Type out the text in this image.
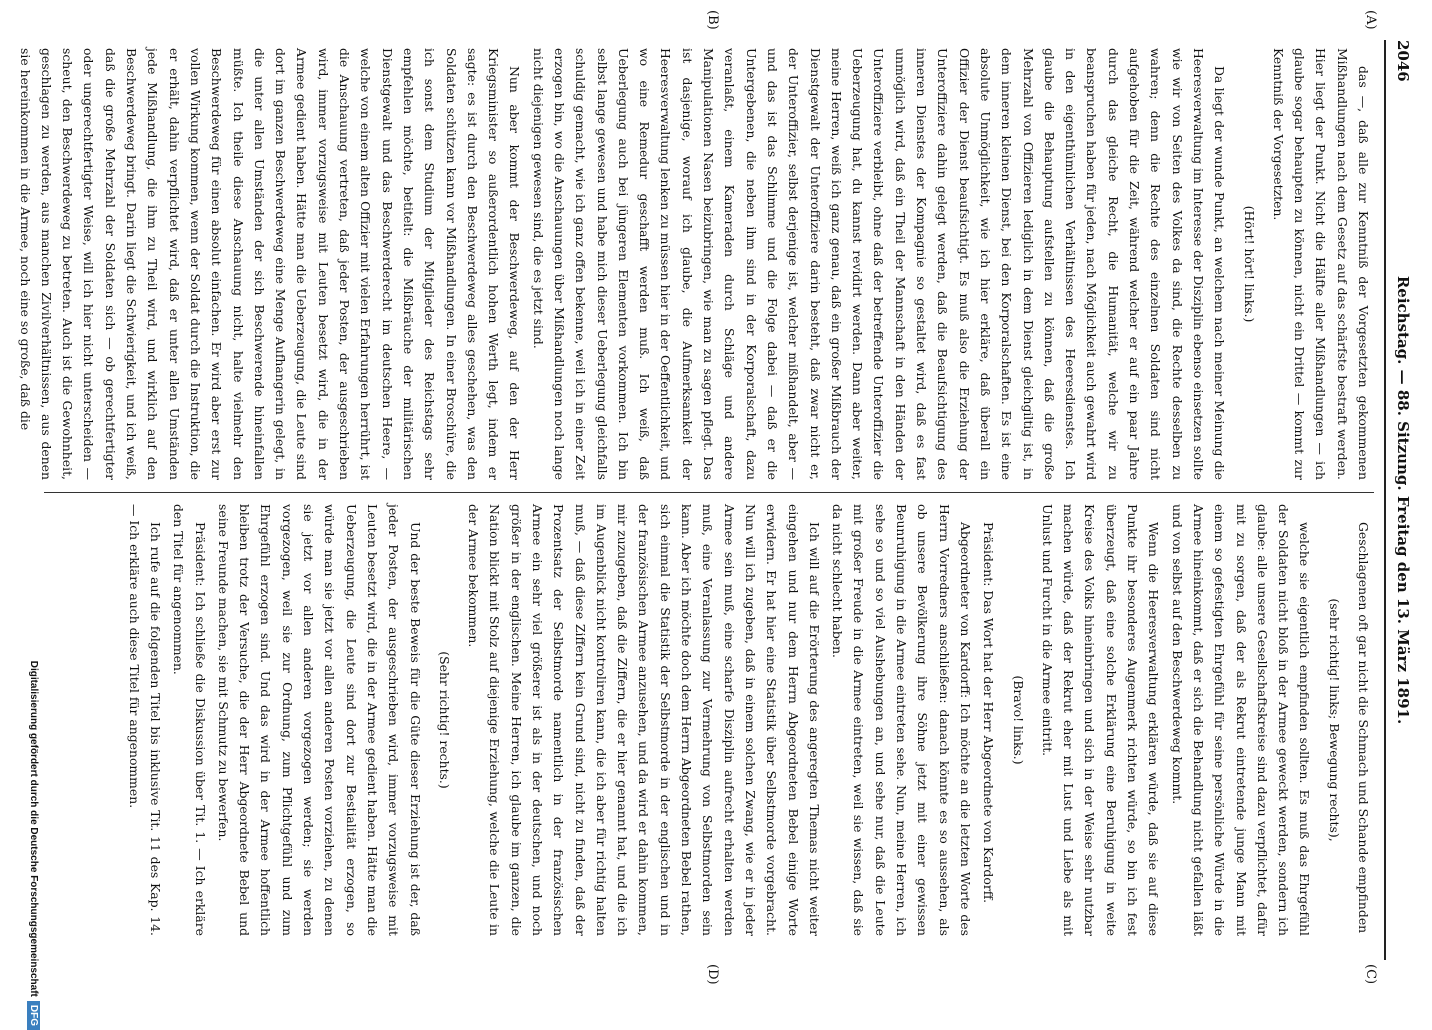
2046
Reichstag. — 88. Sitzung. Freitag den 13. März 1891.
(A)
(B)
(C)
(D)

das —, daß alle zur Kenntniß der Vorgesetzten gekommenen Mißhandlungen nach dem Gesetz auf das schärfste bestraft werden. Hier liegt der Punkt. Nicht die Hälfte aller Mißhandlungen — ich glaube sogar behaupten zu können, nicht ein Drittel — kommt zur Kenntniß der Vorgesetzten.

(Hört! hört! links.)

Da liegt der wunde Punkt, an welchem nach meiner Meinung die Heeresverwaltung im Interesse der Disziplin ebenso einsetzen sollte wie wir von Seiten des Volkes da sind, die Rechte desselben zu wahren; denn die Rechte des einzelnen Soldaten sind nicht aufgehoben für die Zeit, während welcher er auf ein paar Jahre durch das gleiche Recht, die Humanität, welche wir zu beanspruchen haben für jeden, nach Möglichkeit auch gewahrt wird in den eigenthümlichen Verhältnissen des Heeresdienstes. Ich glaube die Behauptung aufstellen zu können, daß die große Mehrzahl von Offizieren lediglich in dem Dienst gleichgiltig ist, in dem inneren kleinen Dienst, bei den Korporalschaften. Es ist eine absolute Unmöglichkeit, wie ich hier erkläre, daß überall ein Offizier der Dienst beaufsichtigt. Es muß also die Erziehung der Unteroffiziere dahin gelegt werden, daß die Beaufsichtigung des inneren Dienstes der Kompagnie so gestaltet wird, daß es fast unmöglich wird, daß ein Theil der Mannschaft in den Händen der Unteroffiziere verbleibt, ohne daß der betreffende Unteroffizier die Ueberzeugung hat, du kannst revidirt werden. Dann aber weiter, meine Herren, weiß ich ganz genau, daß ein großer Mißbrauch der Dienstgewalt der Unteroffiziere darin besteht, daß zwar nicht er, der Unteroffizier, selbst derjenige ist, welcher mißhandelt, aber — und das ist das Schlimme und die Folge dabei — daß er die Untergebenen, die neben ihm sind in der Korporalschaft, dazu veranlaßt, einem Kameraden durch Schläge und andere Manipulationen Nasen beizubringen, wie man zu sagen pflegt. Das ist dasjenige, worauf ich glaube, die Aufmerksamkeit der Heeresverwaltung lenken zu müssen hier in der Oeffentlichkeit, und wo eine Remedur geschafft werden muß. Ich weiß, daß Ueberlegung auch bei jüngeren Elementen vorkommen. Ich bin selbst lange gewesen und habe mich dieser Ueberlegung gleichfalls schuldig gemacht, wie ich ganz offen bekenne, weil ich in einer Zeit erzogen bin, wo die Anschauungen über Mißhandlungen noch lange nicht diejenigen gewesen sind, die es jetzt sind.

Nun aber kommt der Beschwerdeweg, auf den der Herr Kriegsminister so außerordentlich hohen Werth legt, indem er sagte: es ist durch den Beschwerdeweg alles geschehen, was den Soldaten schützen kann vor Mißhandlungen. In einer Broschüre, die ich sonst dem Studium der Mitglieder des Reichstags sehr empfehlen möchte, betitelt: die Mißbräuche der militärischen Dienstgewalt und das Beschwerderecht im deutschen Heere, — welche von einem alten Offizier mit vielen Erfahrungen herrührt, ist die Anschauung vertreten, daß jeder Posten, der ausgeschrieben wird, immer vorzugsweise mit Leuten besetzt wird, die in der Armee gedient haben. Hätte man die Ueberzeugung, die Leute sind dort im ganzen Beschwerdeweg eine Menge Aufhangerin gelegt, in die unter allen Umständen der sich Beschwerende hineinfallen müßte. Ich theile diese Anschauung nicht, halte vielmehr den Beschwerdeweg für einen absolut einfachen. Er wird aber erst zur vollen Wirkung kommen, wenn der Soldat durch die Instruktion, die er erhält, dahin verpflichtet wird, daß er unter allen Umständen jede Mißhandlung, die ihm zu Theil wird, und wirklich auf den Beschwerdeweg bringt. Darin liegt die Schwierigkeit, und ich weiß, daß die große Mehrzahl der Soldaten sich — ob gerechtfertigter oder ungerechtfertigter Weise, will ich hier nicht unterscheiden — scheut, den Beschwerdeweg zu betreten. Auch ist die Gewohnheit, geschlagen zu werden, aus manchen Zivilverhältnissen, aus denen sie hereinkommen in die Armee, noch eine so große, daß die

Geschlagenen oft gar nicht die Schmach und Schande empfinden

(sehr richtig! links; Bewegung rechts),

welche sie eigentlich empfinden sollten. Es muß das Ehrgefühl der Soldaten nicht bloß in der Armee geweckt werden, sondern ich glaube: alle unsere Gesellschaftskreise sind dazu verpflichtet, dafür mit zu sorgen, daß der als Rekrut eintretende junge Mann mit einem so gefestigten Ehrgefühl für seine persönliche Würde in die Armee hineinkommt, daß er sich die Behandlung nicht gefallen läßt und von selbst auf den Beschwerdeweg kommt.

Wenn die Heeresverwaltung erklären würde, daß sie auf diese Punkte ihr besonderes Augenmerk richten würde, so bin ich fest überzeugt, daß eine solche Erklärung eine Beruhigung in weite Kreise des Volks hineinbringen und sich in der Weise sehr nutzbar machen würde, daß der Rekrut eher mit Lust und Liebe als mit Unlust und Furcht in die Armee eintritt.

(Bravo! links.)

Präsident: Das Wort hat der Herr Abgeordnete von Kardorff.

Abgeordneter von Kardorff: Ich möchte an die letzten Worte des Herrn Vorredners anschließen: danach könnte es so aussehen, als ob unsere Bevölkerung ihre Söhne jetzt mit einer gewissen Beunruhigung in die Armee eintreten sehe. Nun, meine Herren, ich sehe so und so viel Aushebungen an, und sehe nur, daß die Leute mit großer Freude in die Armee eintreten, weil sie wissen, daß sie da nicht schlecht haben.

Ich will auf die Erörterung des angeregten Themas nicht weiter eingehen und nur dem Herrn Abgeordneten Bebel einige Worte erwidern. Er hat hier eine Statistik über Selbstmorde vorgebracht. Nun will ich zugeben, daß in einem solchen Zwang, wie er in jeder Armee sein muß, eine scharfe Disziplin aufrecht erhalten werden muß, eine Veranlassung zur Vermehrung von Selbstmorden sein kann. Aber ich möchte doch dem Herrn Abgeordneten Bebel rathen, sich einmal die Statistik der Selbstmorde in der englischen und in der französischen Armee anzusehen, und da wird er dahin kommen, mir zuzugeben, daß die Ziffern, die er hier genannt hat, und die ich im Augenblick nicht kontroliren kann, die ich aber für richtig halten muß, — daß diese Ziffern kein Grund sind, nicht zu finden, daß der Prozentsatz der Selbstmorde namentlich in der französischen Armee ein sehr viel größerer ist als in der deutschen, und noch größer in der englischen. Meine Herren, ich glaube im ganzen, die Nation blickt mit Stolz auf diejenige Erziehung, welche die Leute in der Armee bekommen.

(Sehr richtig! rechts.)

Und der beste Beweis für die Güte dieser Erziehung ist der, daß jeder Posten, der ausgeschrieben wird, immer vorzugsweise mit Leuten besetzt wird, die in der Armee gedient haben. Hätte man die Ueberzeugung, die Leute sind dort zur Bestialität erzogen, so würde man sie jetzt vor allen anderen Posten vorziehen, zu denen sie jetzt vor allen anderen vorgezogen werden; sie werden vorgezogen, weil sie zur Ordnung, zum Pflichtgefühl und zum Ehrgefühl erzogen sind. Und das wird in der Armee hoffentlich bleiben trotz der Versuche, die der Herr Abgeordnete Bebel und seine Freunde machen, sie mit Schmutz zu bewerfen.

Präsident: Ich schließe die Diskussion über Tit. 1. — Ich erkläre den Titel für angenommen.

Ich rufe auf die folgenden Titel bis inklusive Tit. 11 des Kap. 14. — Ich erkläre auch diese Titel für angenommen.

Digitalisierung gefördert durch die Deutsche ForschungsgemeinschaftDFG
